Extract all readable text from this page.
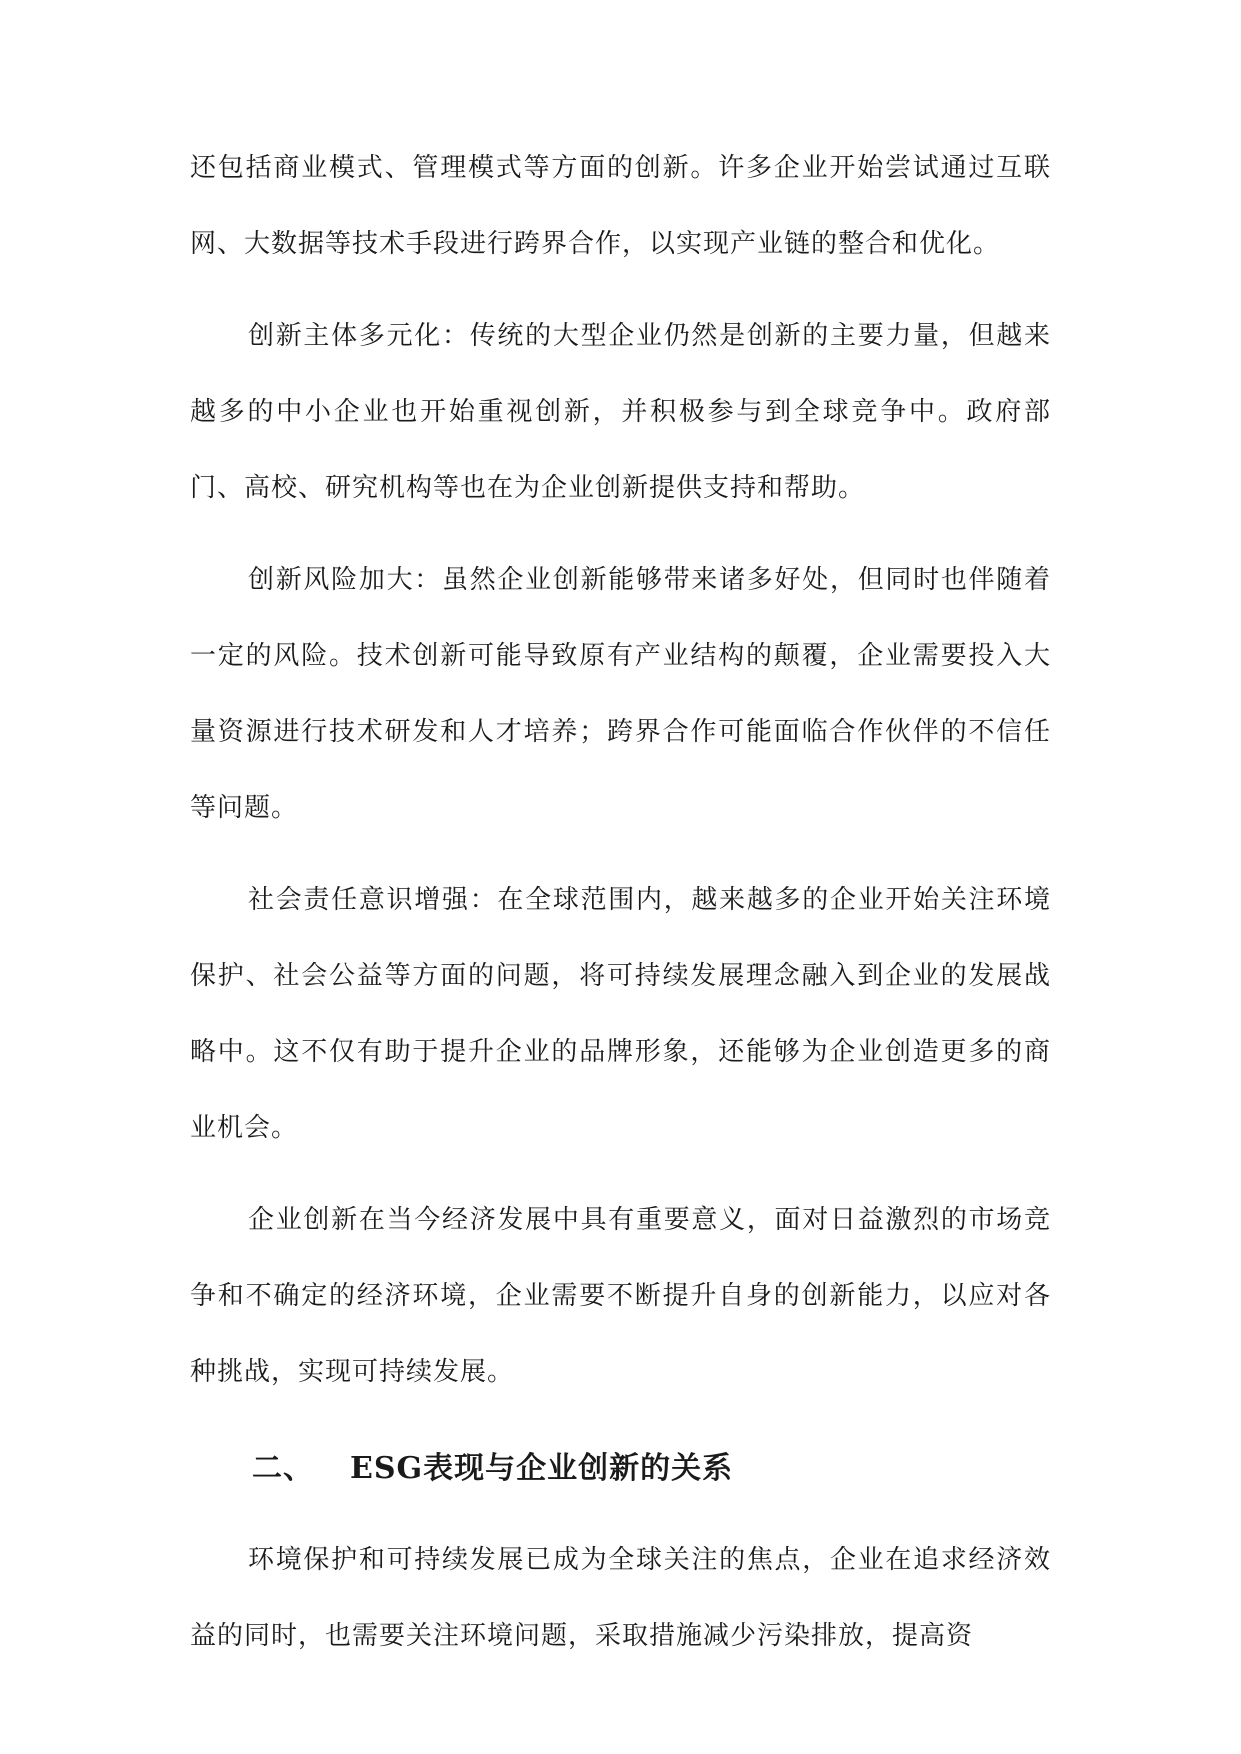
还包括商业模式、管理模式等方面的创新。许多企业开始尝试通过互联网、大数据等技术手段进行跨界合作，以实现产业链的整合和优化。

创新主体多元化：传统的大型企业仍然是创新的主要力量，但越来越多的中小企业也开始重视创新，并积极参与到全球竞争中。政府部门、高校、研究机构等也在为企业创新提供支持和帮助。

创新风险加大：虽然企业创新能够带来诸多好处，但同时也伴随着一定的风险。技术创新可能导致原有产业结构的颠覆，企业需要投入大量资源进行技术研发和人才培养；跨界合作可能面临合作伙伴的不信任等问题。

社会责任意识增强：在全球范围内，越来越多的企业开始关注环境保护、社会公益等方面的问题，将可持续发展理念融入到企业的发展战略中。这不仅有助于提升企业的品牌形象，还能够为企业创造更多的商业机会。

企业创新在当今经济发展中具有重要意义，面对日益激烈的市场竞争和不确定的经济环境，企业需要不断提升自身的创新能力，以应对各种挑战，实现可持续发展。

二、 ESG表现与企业创新的关系

环境保护和可持续发展已成为全球关注的焦点，企业在追求经济效益的同时，也需要关注环境问题，采取措施减少污染排放，提高资
